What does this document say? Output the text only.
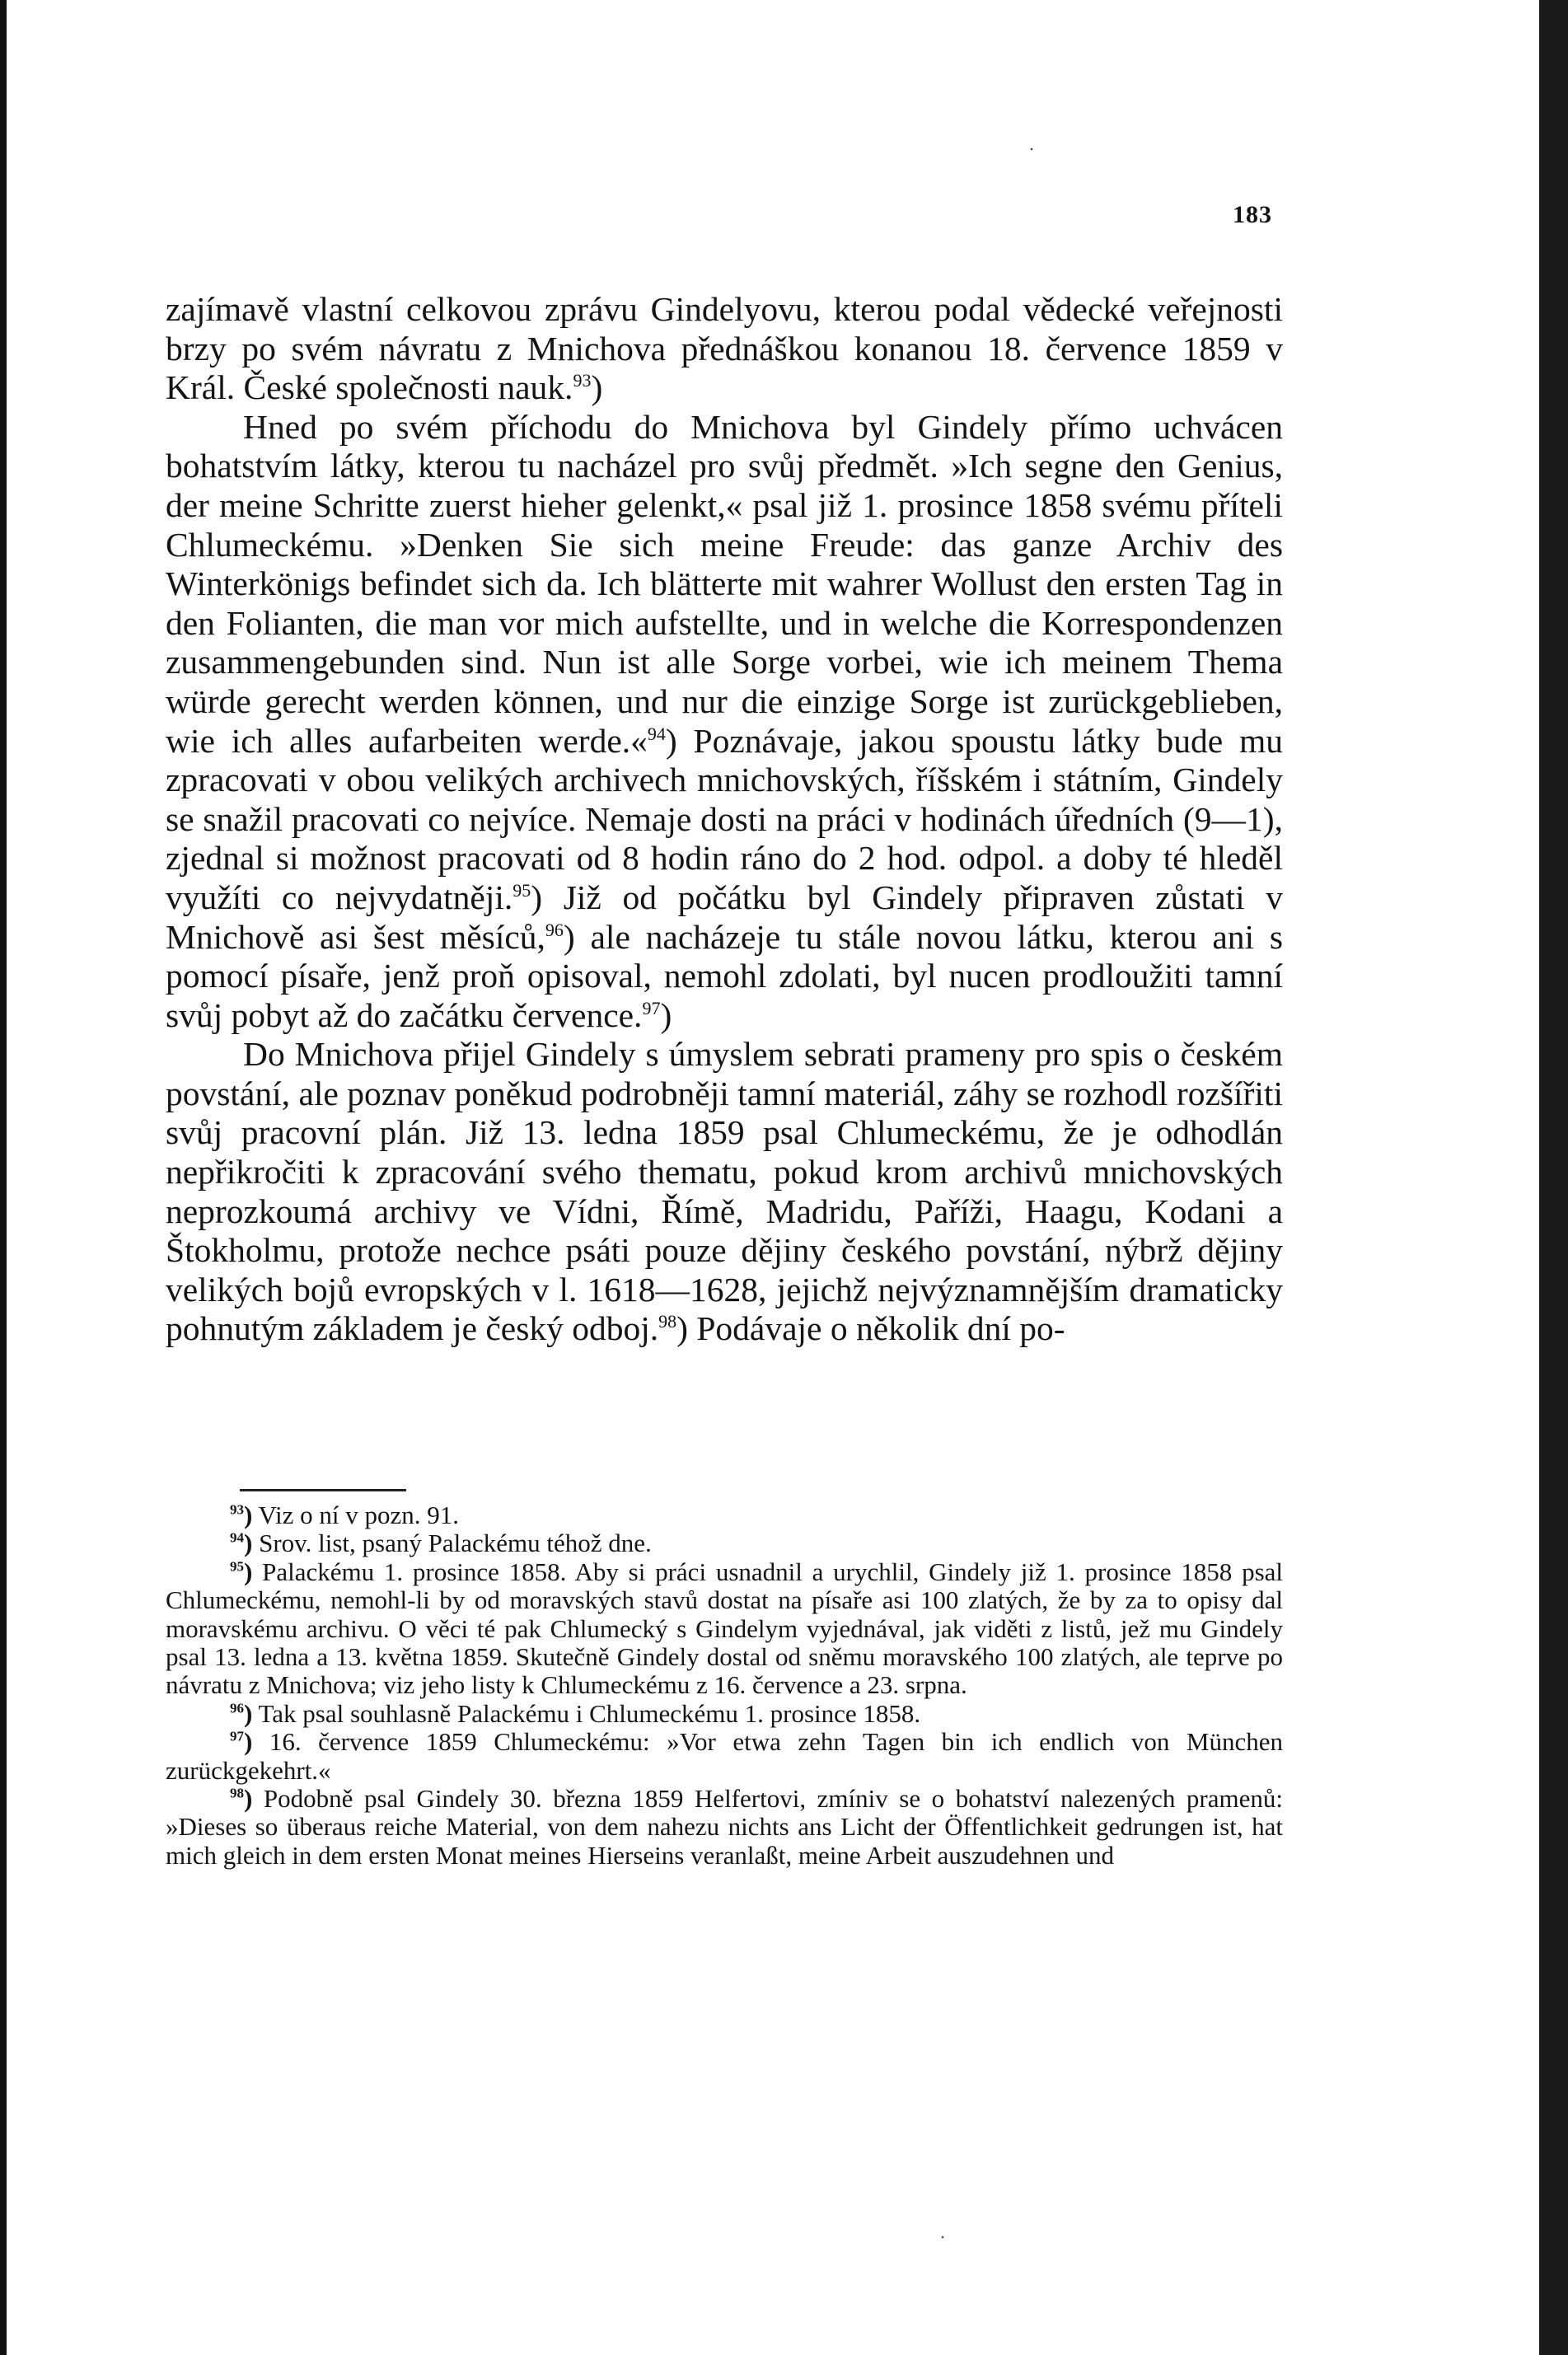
183

zajímavě vlastní celkovou zprávu Gindelyovu, kterou podal vědecké veřejnosti brzy po svém návratu z Mnichova přednáškou konanou 18. července 1859 v Král. České společnosti nauk.$^{93}$)

Hned po svém příchodu do Mnichova byl Gindely přímo uchvácen bohatstvím látky, kterou tu nacházel pro svůj předmět. »Ich segne den Genius, der meine Schritte zuerst hieher gelenkt,« psal již 1. prosince 1858 svému příteli Chlumeckému. »Denken Sie sich meine Freude: das ganze Archiv des Winterkönigs befindet sich da. Ich blätterte mit wahrer Wollust den ersten Tag in den Folianten, die man vor mich aufstellte, und in welche die Korrespondenzen zusammengebunden sind. Nun ist alle Sorge vorbei, wie ich meinem Thema würde gerecht werden können, und nur die einzige Sorge ist zurückgeblieben, wie ich alles aufarbeiten werde.«$^{94}$) Poznávaje, jakou spoustu látky bude mu zpracovati v obou velikých archivech mnichovských, říšském i státním, Gindely se snažil pracovati co nejvíce. Nemaje dosti na práci v hodinách úředních (9—1), zjednal si možnost pracovati od 8 hodin ráno do 2 hod. odpol. a doby té hleděl využíti co nejvydatněji.$^{95}$) Již od počátku byl Gindely připraven zůstati v Mnichově asi šest měsíců,$^{96}$) ale nacházeje tu stále novou látku, kterou ani s pomocí písaře, jenž proň opisoval, nemohl zdolati, byl nucen prodloužiti tamní svůj pobyt až do začátku července.$^{97}$)

Do Mnichova přijel Gindely s úmyslem sebrati prameny pro spis o českém povstání, ale poznav poněkud podrobněji tamní materiál, záhy se rozhodl rozšířiti svůj pracovní plán. Již 13. ledna 1859 psal Chlumeckému, že je odhodlán nepřikročiti k zpracování svého thematu, pokud krom archivů mnichovských neprozkoumá archivy ve Vídni, Římě, Madridu, Paříži, Haagu, Kodani a Štokholmu, protože nechce psáti pouze dějiny českého povstání, nýbrž dějiny velikých bojů evropských v l. 1618—1628, jejichž nejvýznamnějším dramaticky pohnutým základem je český odboj.$^{98}$) Podávaje o několik dní po-

$^{93}$) Viz o ní v pozn. 91.

$^{94}$) Srov. list, psaný Palackému téhož dne.

$^{95}$) Palackému 1. prosince 1858. Aby si práci usnadnil a urychlil, Gindely již 1. prosince 1858 psal Chlumeckému, nemohl-li by od moravských stavů dostat na písaře asi 100 zlatých, že by za to opisy dal moravskému archivu. O věci té pak Chlumecký s Gindelym vyjednával, jak viděti z listů, jež mu Gindely psal 13. ledna a 13. května 1859. Skutečně Gindely dostal od sněmu moravského 100 zlatých, ale teprve po návratu z Mnichova; viz jeho listy k Chlumeckému z 16. července a 23. srpna.

$^{96}$) Tak psal souhlasně Palackému i Chlumeckému 1. prosince 1858.

$^{97}$) 16. července 1859 Chlumeckému: »Vor etwa zehn Tagen bin ich endlich von München zurückgekehrt.«

$^{98}$) Podobně psal Gindely 30. března 1859 Helfertovi, zmíniv se o bohatství nalezených pramenů: »Dieses so überaus reiche Material, von dem nahezu nichts ans Licht der Öffentlichkeit gedrungen ist, hat mich gleich in dem ersten Monat meines Hierseins veranlaßt, meine Arbeit auszudehnen und

·
·
